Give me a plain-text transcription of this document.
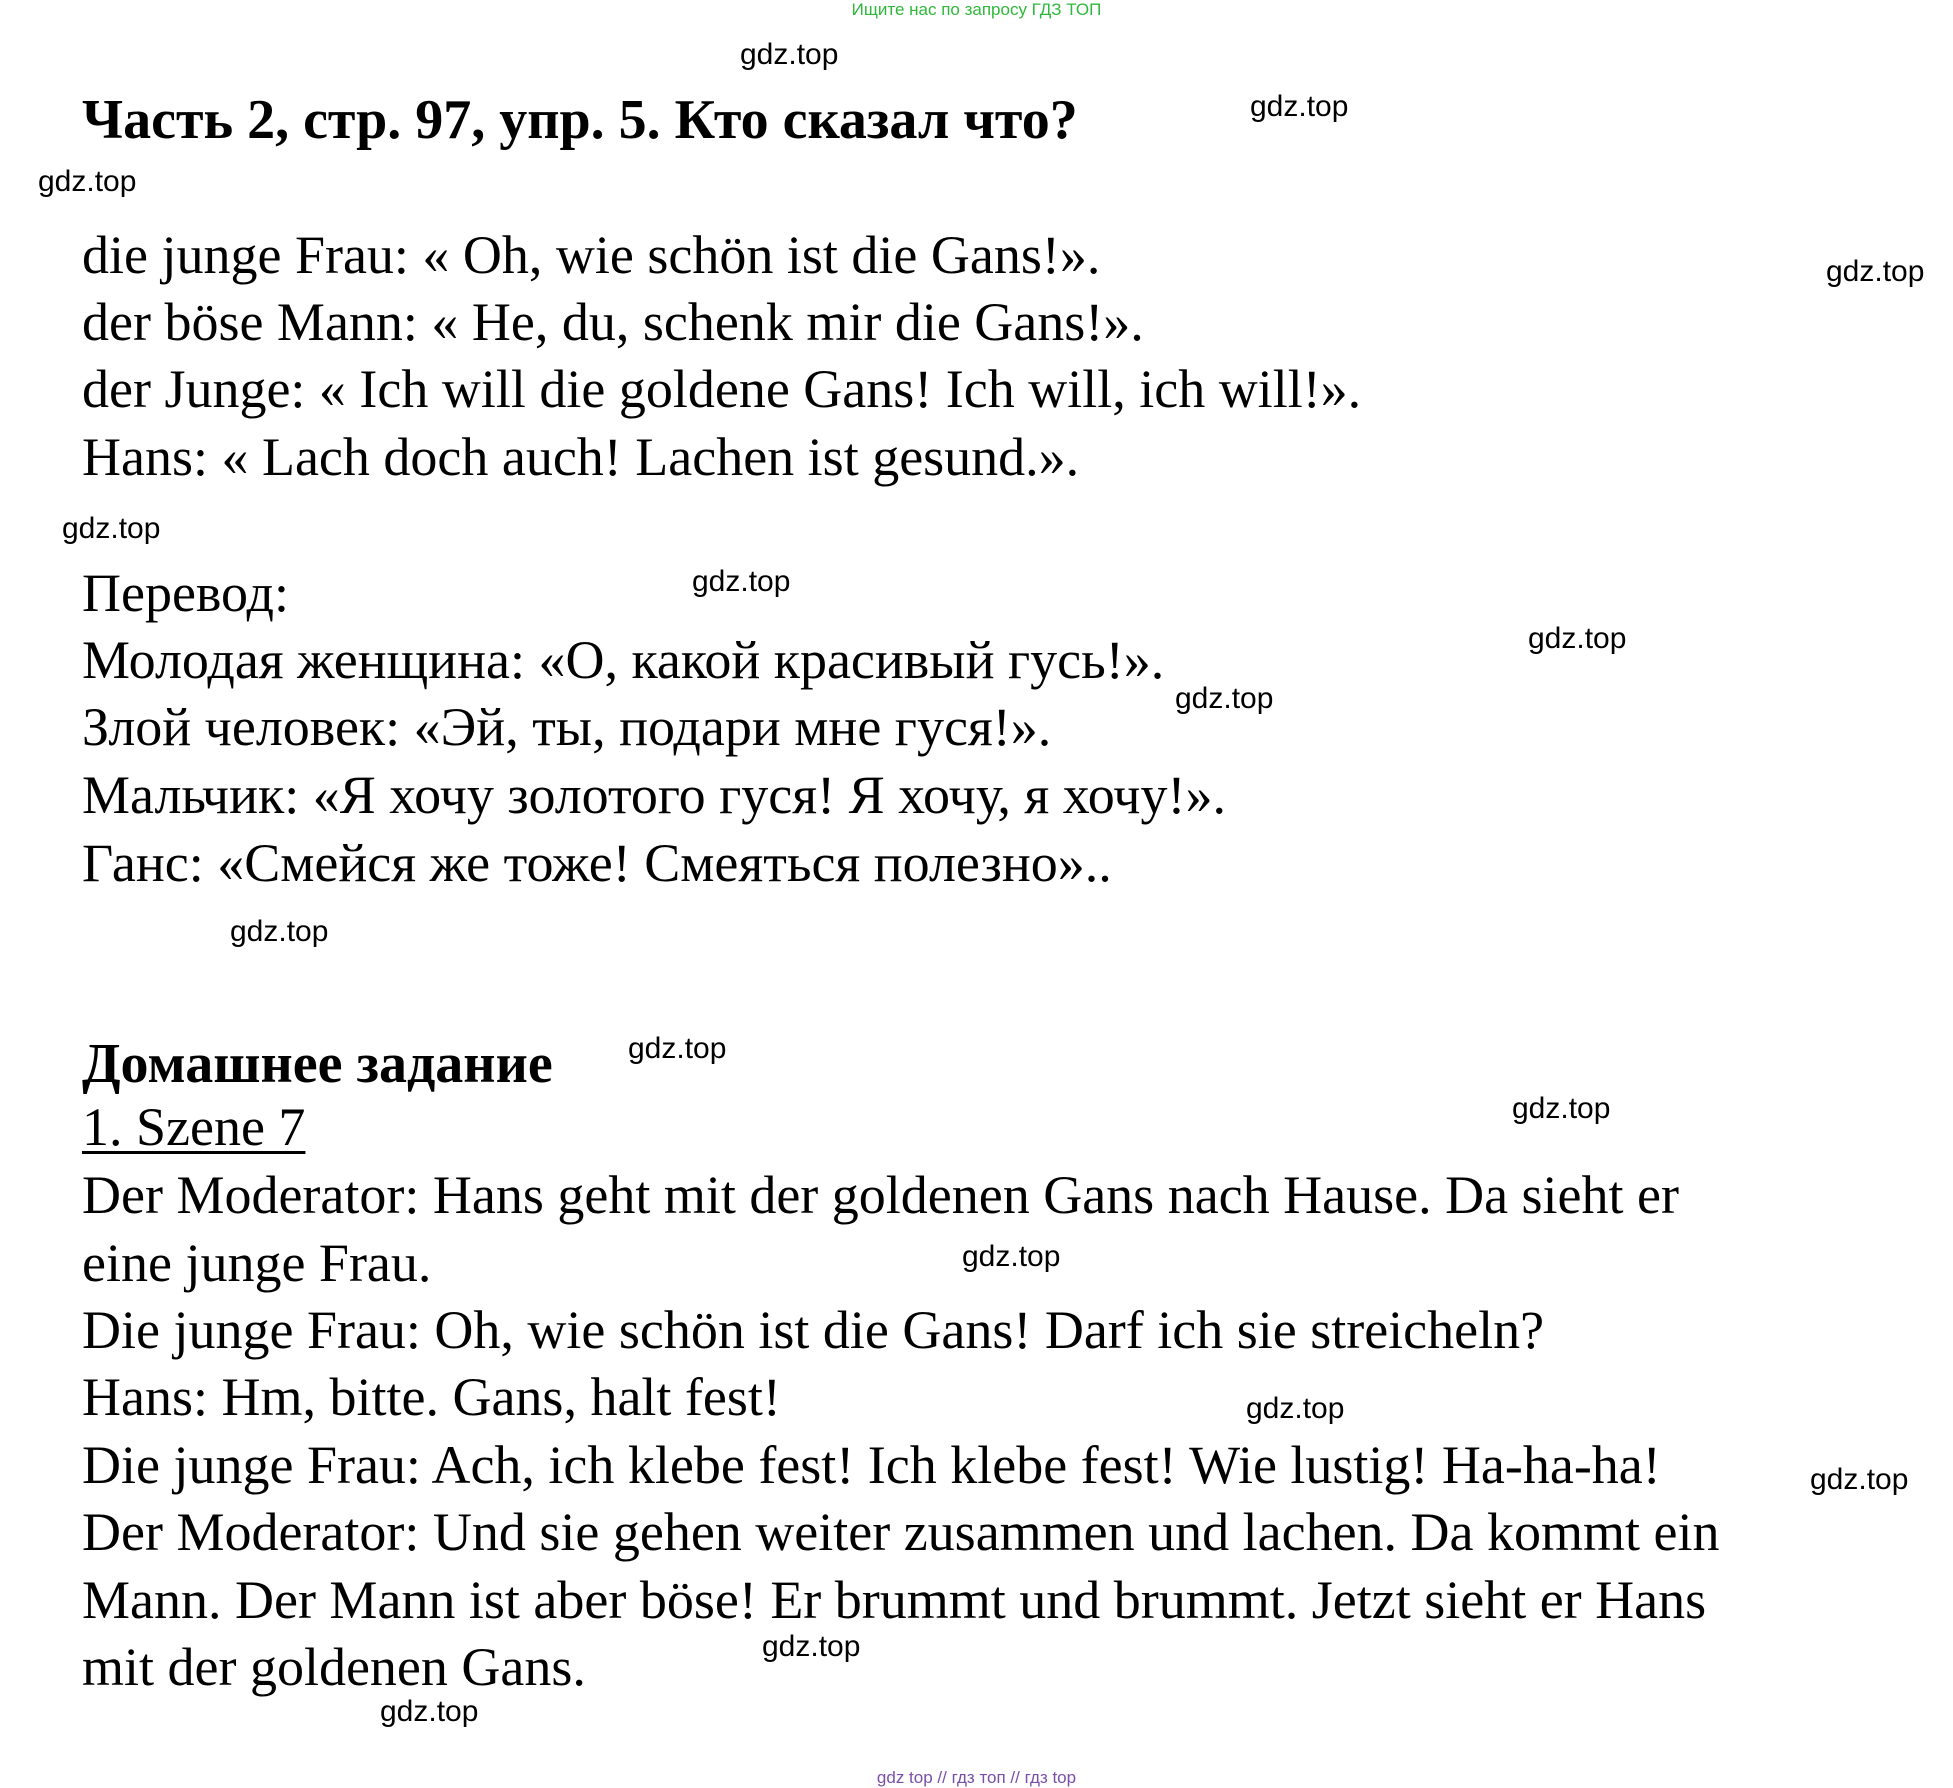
Ищите нас по запросу ГДЗ ТОП
Часть 2, стр. 97, упр. 5. Кто сказал что?
die junge Frau: « Oh, wie schön ist die Gans!».
der böse Mann: « He, du, schenk mir die Gans!».
der Junge: « Ich will die goldene Gans! Ich will, ich will!».
Hans: « Lach doch auch! Lachen ist gesund.».
Перевод:
Молодая женщина: «О, какой красивый гусь!».
Злой человек: «Эй, ты, подари мне гуся!».
Мальчик: «Я хочу золотого гуся! Я хочу, я хочу!».
Ганс: «Смейся же тоже! Смеяться полезно»..
Домашнее задание
1. Szene 7
Der Moderator: Hans geht mit der goldenen Gans nach Hause. Da sieht er
eine junge Frau.
Die junge Frau: Oh, wie schön ist die Gans! Darf ich sie streicheln?
Hans: Hm, bitte. Gans, halt fest!
Die junge Frau: Ach, ich klebe fest! Ich klebe fest! Wie lustig! Ha-ha-ha!
Der Moderator: Und sie gehen weiter zusammen und lachen. Da kommt ein
Mann. Der Mann ist aber böse! Er brummt und brummt. Jetzt sieht er Hans
mit der goldenen Gans.
gdz.top
gdz.top
gdz.top
gdz.top
gdz.top
gdz.top
gdz.top
gdz.top
gdz.top
gdz.top
gdz.top
gdz.top
gdz.top
gdz.top
gdz.top
gdz.top
gdz top // гдз топ // гдз top
